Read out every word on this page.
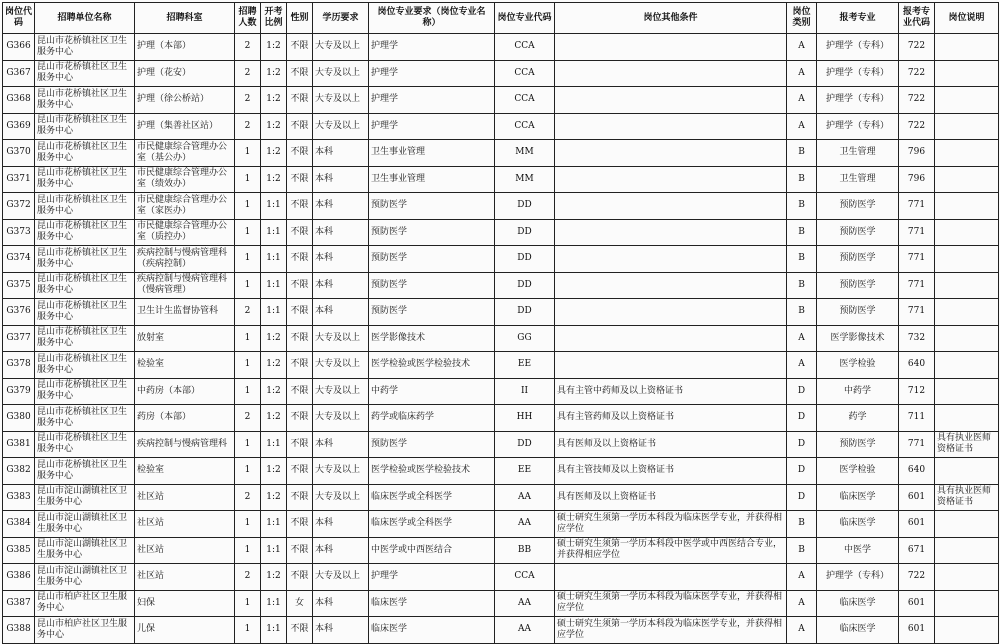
岗位代码	招聘单位名称	招聘科室	招聘人数	开考比例	性别	学历要求	岗位专业要求（岗位专业名称）	岗位专业代码	岗位其他条件	岗位类别	报考专业	报考专业代码	岗位说明
G366	昆山市花桥镇社区卫生服务中心	护理（本部）	2	1:2	不限	大专及以上	护理学	CCA		A	护理学（专科）	722	
G367	昆山市花桥镇社区卫生服务中心	护理（花安）	2	1:2	不限	大专及以上	护理学	CCA		A	护理学（专科）	722	
G368	昆山市花桥镇社区卫生服务中心	护理（徐公桥站）	2	1:2	不限	大专及以上	护理学	CCA		A	护理学（专科）	722	
G369	昆山市花桥镇社区卫生服务中心	护理（集善社区站）	2	1:2	不限	大专及以上	护理学	CCA		A	护理学（专科）	722	
G370	昆山市花桥镇社区卫生服务中心	市民健康综合管理办公室（基公办）	1	1:2	不限	本科	卫生事业管理	MM		B	卫生管理	796	
G371	昆山市花桥镇社区卫生服务中心	市民健康综合管理办公室（绩效办）	1	1:2	不限	本科	卫生事业管理	MM		B	卫生管理	796	
G372	昆山市花桥镇社区卫生服务中心	市民健康综合管理办公室（家医办）	1	1:1	不限	本科	预防医学	DD		B	预防医学	771	
G373	昆山市花桥镇社区卫生服务中心	市民健康综合管理办公室（质控办）	1	1:1	不限	本科	预防医学	DD		B	预防医学	771	
G374	昆山市花桥镇社区卫生服务中心	疾病控制与慢病管理科（疾病控制）	1	1:1	不限	本科	预防医学	DD		B	预防医学	771	
G375	昆山市花桥镇社区卫生服务中心	疾病控制与慢病管理科（慢病管理）	1	1:1	不限	本科	预防医学	DD		B	预防医学	771	
G376	昆山市花桥镇社区卫生服务中心	卫生计生监督协管科	2	1:1	不限	本科	预防医学	DD		B	预防医学	771	
G377	昆山市花桥镇社区卫生服务中心	放射室	1	1:2	不限	大专及以上	医学影像技术	GG		A	医学影像技术	732	
G378	昆山市花桥镇社区卫生服务中心	检验室	1	1:2	不限	大专及以上	医学检验或医学检验技术	EE		A	医学检验	640	
G379	昆山市花桥镇社区卫生服务中心	中药房（本部）	1	1:2	不限	大专及以上	中药学	II	具有主管中药师及以上资格证书	D	中药学	712	
G380	昆山市花桥镇社区卫生服务中心	药房（本部）	2	1:2	不限	大专及以上	药学或临床药学	HH	具有主管药师及以上资格证书	D	药学	711	
G381	昆山市花桥镇社区卫生服务中心	疾病控制与慢病管理科	1	1:1	不限	本科	预防医学	DD	具有医师及以上资格证书	D	预防医学	771	具有执业医师资格证书
G382	昆山市花桥镇社区卫生服务中心	检验室	1	1:2	不限	大专及以上	医学检验或医学检验技术	EE	具有主管技师及以上资格证书	D	医学检验	640	
G383	昆山市淀山湖镇社区卫生服务中心	社区站	2	1:2	不限	大专及以上	临床医学或全科医学	AA	具有医师及以上资格证书	D	临床医学	601	具有执业医师资格证书
G384	昆山市淀山湖镇社区卫生服务中心	社区站	1	1:1	不限	本科	临床医学或全科医学	AA	硕士研究生须第一学历本科段为临床医学专业，并获得相应学位	B	临床医学	601	
G385	昆山市淀山湖镇社区卫生服务中心	社区站	1	1:1	不限	本科	中医学或中西医结合	BB	硕士研究生须第一学历本科段中医学或中西医结合专业，并获得相应学位	B	中医学	671	
G386	昆山市淀山湖镇社区卫生服务中心	社区站	2	1:2	不限	大专及以上	护理学	CCA		A	护理学（专科）	722	
G387	昆山市柏庐社区卫生服务中心	妇保	1	1:1	女	本科	临床医学	AA	硕士研究生须第一学历本科段为临床医学专业，并获得相应学位	A	临床医学	601	
G388	昆山市柏庐社区卫生服务中心	儿保	1	1:1	不限	本科	临床医学	AA	硕士研究生须第一学历本科段为临床医学专业，并获得相应学位	A	临床医学	601	
